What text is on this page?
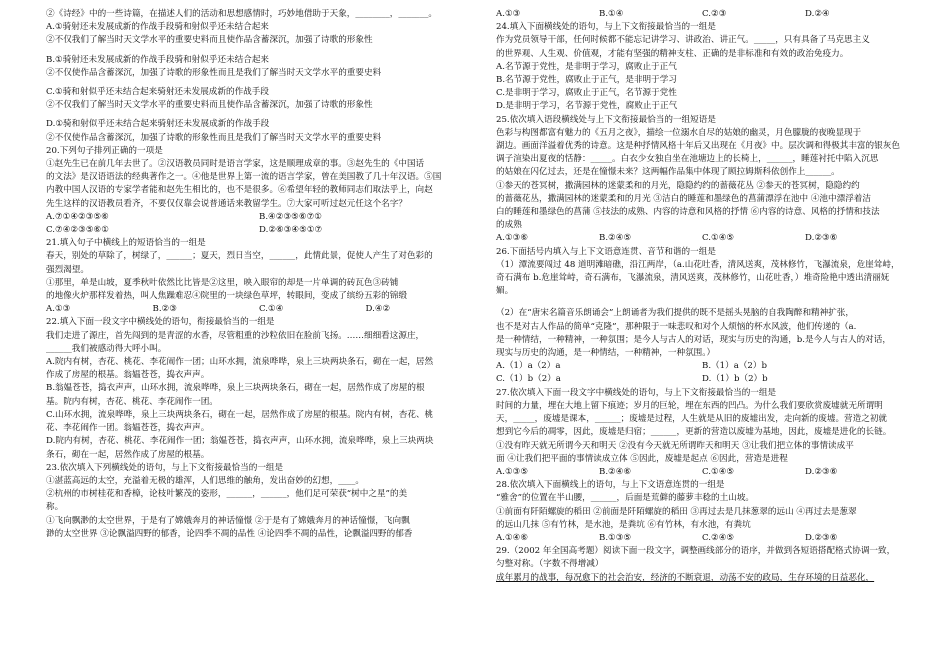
②《诗经》中的一些诗篇，在描述人们的活动和思想感情时，巧妙地借助于天象，________，_______。
A.①骑射还未发展成新的作战手段骑和射似乎还未结合起来
②不仅我们了解当时天文学水平的重要史料而且使作品含蓄深沉，加强了诗歌的形象性
B.①骑射还未发展成新的作战手段骑和射似乎还未结合起来
②不仅使作品含蓄深沉，加强了诗歌的形象性而且是我们了解当时天文学水平的重要史料
C.①骑和射似乎还未结合起来骑射还未发展成新的作战手段
②不仅我们了解当时天文学水平的重要史料而且使作品含蓄深沉，加强了诗歌的形象性
D.①骑和射似乎还未结合起来骑射还未发展成新的作战手段
②不仅使作品含蓄深沉，加强了诗歌的形象性而且是我们了解当时天文学水平的重要史料
20.下列句子排列正确的一项是
①赵先生已在前几年去世了。②汉语教员同时是语言学家，这是顺理成章的事。③赵先生的《中国话
的文法》是汉语语法的经典著作之一。④他是世界上第一流的语言学家，曾在美国教了几十年汉语。⑤国
内教中国人汉语的专家学者能和赵先生相比的，也不是很多。⑥希望年轻的教师同志们取法乎上，向赵
先生这样的汉语教员看齐，不要仅仅靠会说普通话来教留学生。⑦大家可听过赵元任这个名字？
A.⑦①④②③⑤⑥	B.④②③⑤⑥⑦①
C.⑦④②③⑤⑥①	D.②⑥③④⑤①⑦
21.填入句子中横线上的短语恰当的一组是
春天，别处的草除了，树绿了，______；夏天，烈日当空，______，此情此景，促使人产生了对色彩的
强烈渴望。
①那里，单是山坡，夏季秋叶依然比比皆是②这里，映入眼帘的却是一片单调的砖瓦色③砖铺
的地像火炉那样发着热，叫人焦躁难忍④院里的一块绿色草坪，转眼间，变成了缤纷五彩的锦缎
A.①③	B.②③	C.①④	D.④②
22.填入下面一段文字中横线处的语句，衔接最恰当的一组是
我们走进了源庄，首先闯到的是青涩的水香，尽管粗重的沙粒依旧在脸前飞扬。……细细看这源庄，
______我们被感动得大呼小叫。
A.院内有树，杏花、桃花、李花闹作一团；山环水拥，流泉哗哗，泉上三块两块条石，砌在一起，居然
作成了房屋的根基。翁媪苍苍，捣衣声声。
B.翁媪苍苍，捣衣声声，山环水拥，流泉哗哗，泉上三块两块条石，砌在一起，居然作成了房屋的根
基。院内有树，杏花、桃花、李花闹作一团。
C.山环水拥，流泉哗哗，泉上三块两块条石，砌在一起，居然作成了房屋的根基。院内有树，杏花、桃
花、李花闹作一团。翁媪苍苍，捣衣声声。
D.院内有树，杏花、桃花、李花闹作一团；翁媪苍苍，捣衣声声，山环水拥，流泉哗哗，泉上三块两块
条石，砌在一起，居然作成了房屋的根基。
23.依次填入下列横线处的语句，与上下文衔接最恰当的一组是
①湛蓝高远的太空，充溢着无极的雄浑，人们思维的触角，发出奋妙的幻想，____。
②杭州的市树桂花和香樟，论枝叶繁茂的姿形，______，______，他们足可荣获“树中之星”的美
称。
①飞向飘渺的太空世界，于是有了嫦娥奔月的神话憧憬 ②于是有了嫦娥奔月的神话憧憬，飞向飘
渺的太空世界 ③论飘溢四野的郁香，论四季不凋的品性 ④论四季不凋的品性，论飘溢四野的郁香
A.①③	B.①④	C.②③	D.②④
24.填入下面横线处的语句，与上下文衔接最恰当的一组是
作为党员领导干部，任何时候都不能忘记讲学习、讲政治、讲正气。_____，只有具备了马克思主义
的世界观、人生观、价值观，才能有坚强的精神支柱、正确的是非标准和有效的政治免疫力。
A.名节源于党性，是非明于学习，腐败止于正气
B.名节源于党性，腐败止于正气，是非明于学习
C.是非明于学习，腐败止于正气，名节源于党性
D.是非明于学习，名节源于党性，腐败止于正气
25.依次填入语段横线处与上下文衔接最恰当的一组短语是
色彩与构图都富有魅力的《五月之夜》，描绘一位溺水自尽的姑娘的幽灵，月色朦胧的夜晚显现于
湖边。画面洋溢着优秀的诗意。这是种抒情风格十年后又出现在《月夜》中。层次调和得极其丰富的银灰色
调子渲染出夏夜的恬静：_____。白衣少女独自坐在池塘边上的长椅上，______，睡莲衬托中陷入沉思
的姑娘在闪亿过去，还是在憧憬未来？这两幅作品集中体现了顾拉姆斯科依创作上______。
①参天的苍冥树，撒满园林的迷蒙柔和的月光，隐隐约约的蔷薇花丛 ②参天的苍冥树，隐隐约约
的蔷薇花丛，撒满园林的迷蒙柔和的月光 ③洁白的睡莲和墨绿色的菖蒲漂浮在池中 ④池中漂浮着洁
白的睡莲和墨绿色的菖蒲 ⑤技法的成熟、内容的诗意和风格的抒情 ⑥内容的诗意、风格的抒情和技法
的成熟
A.①③⑥	B.②④⑤	C.①④⑤	D.②③⑥
26.下面括号内填入与上下文语意连贯、音节和谐的一组是
（1）潭流要闯过 48 道明滩暗礁，沿江两岸，（a.山花吐香，清风送爽，茂林修竹，飞瀑流泉，危崖耸峙，
奇石满布 b.危崖耸峙，奇石满布，飞瀑流泉，清风送爽，茂林修竹，山花吐香，）堆奇险艳中透出清丽妩
媚。
（2）在“唐宋名篇音乐朗诵会”上朗诵者为我们提供的既不是摇头晃脑的自我陶醉和精神扩张，
也不是对古人作品的简单“克隆”，那种限于一味悲叹和对个人烦恼的杯水风波，他们传递的（a.
是一种情结，一种精神，一种氛围；是今人与古人的对话，现实与历史的沟通，b.是今人与古人的对话，
现实与历史的沟通，是一种情结，一种精神，一种氛围。）
A.（1）a（2）a	B.（1）a（2）b
C.（1）b（2）a	D.（1）b（2）b
27.依次填入下面一段文字中横线处的语句，与上下文衔接最恰当的一组是
时间的力量，埋在大地上留下痕迹；岁月的巨轮，埋在东西的凹凸。为什么我们要欣赏废墟就无所谓明
天，_____，废墟是课本，______；废墟是过程，人生就是从旧的废墟出发，走向新的废墟。营造之初就
想到它今后的凋零，因此，废墟是归宿；______，更新的营造以废墟为基地，因此，废墟是进化的长链。
①没有昨天就无所谓今天和明天 ②没有今天就无所谓昨天和明天 ③让我们把立体的事情读成平
面 ④让我们把平面的事情读成立体 ⑤因此，废墟是起点 ⑥因此，营造是进程
A.①③⑤	B.②④⑥	C.①④⑤	D.②③⑥
28.依次填入下面横线上的语句，与上下文语意连贯的一组是
“雅舍”的位置在半山腰，______，后面是荒僻的藤萝丰稔的土山坡。
①前面有阡陌螺旋的稻田 ②前面是阡陌螺旋的稻田 ③再过去是几抹葱翠的远山 ④再过去是葱翠
的远山几抹 ⑤有竹林，是水池，是粪坑 ⑥有竹林，有水池，有粪坑
A.①④⑥	B.①③⑤	C.②④⑤	D.②③⑥
29.（2002 年全国高考题）阅读下面一段文字，调整画线部分的语序，并做到各短语搭配格式协调一致，
匀整对称。（字数不得增减）
成年累月的战事，每况愈下的社会治安，经济的不断衰退，动荡不安的政局，生存环境的日益恶化，
